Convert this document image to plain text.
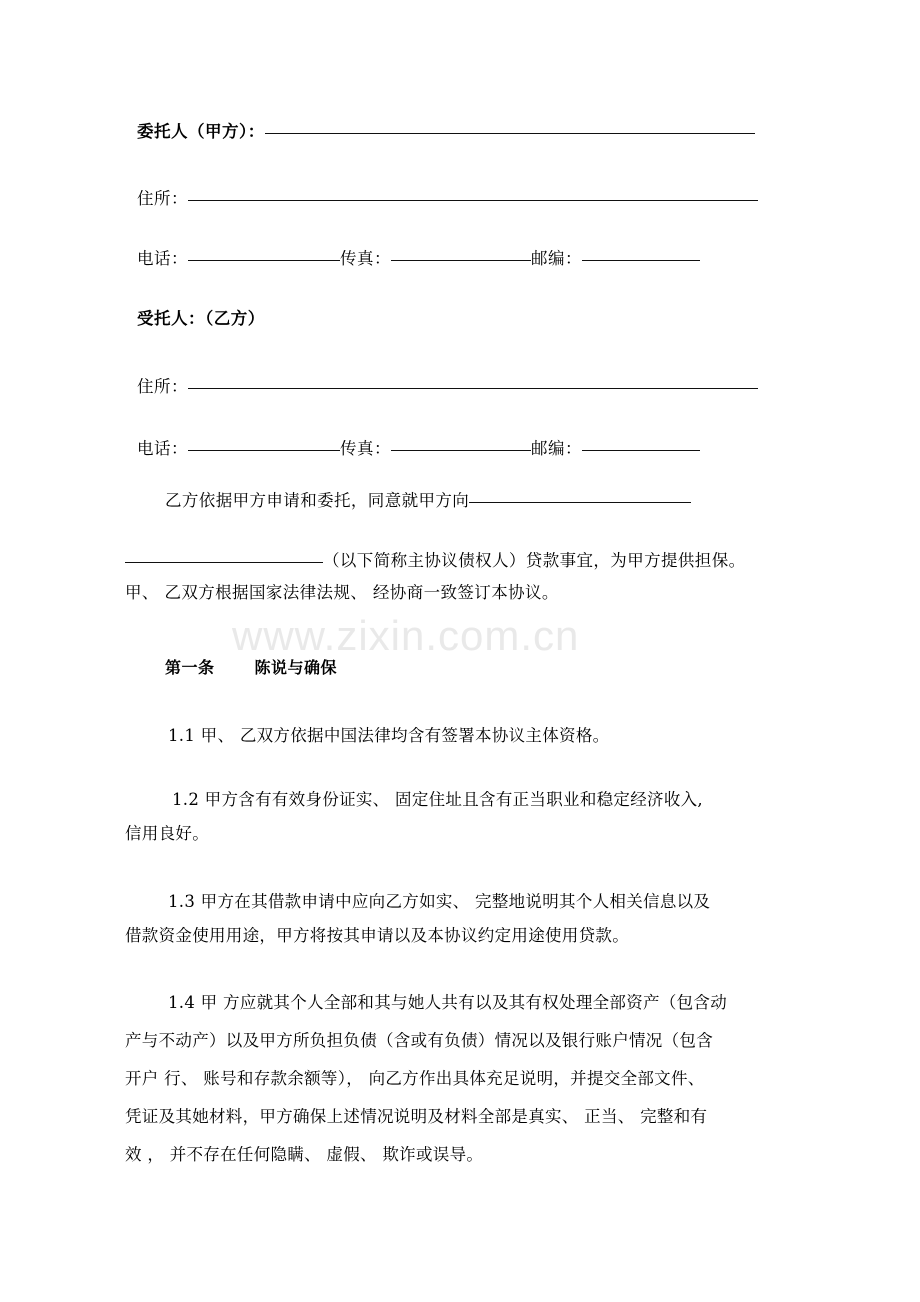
www.zixin.com.cn
委托人（甲方）：
住所：
电话：	传真：	邮编：
受托人：（乙方）
住所：
电话：	传真：	邮编：
乙方依据甲方申请和委托，同意就甲方向
（以下简称主协议债权人）贷款事宜，为甲方提供担保。
甲、 乙双方根据国家法律法规、 经协商一致签订本协议。
第一条	陈说与确保
1.1 甲、 乙双方依据中国法律均含有签署本协议主体资格。
1.2 甲方含有有效身份证实、 固定住址且含有正当职业和稳定经济收入,
信用良好。
1.3 甲方在其借款申请中应向乙方如实、 完整地说明其个人相关信息以及
借款资金使用用途，甲方将按其申请以及本协议约定用途使用贷款。
1.4 甲 方应就其个人全部和其与她人共有以及其有权处理全部资产（包含动
产与不动产）以及甲方所负担负债（含或有负债）情况以及银行账户情况（包含
开户 行、 账号和存款余额等）， 向乙方作出具体充足说明，并提交全部文件、
凭证及其她材料，甲方确保上述情况说明及材料全部是真实、 正当、 完整和有
效 ， 并不存在任何隐瞒、 虚假、 欺诈或误导。
